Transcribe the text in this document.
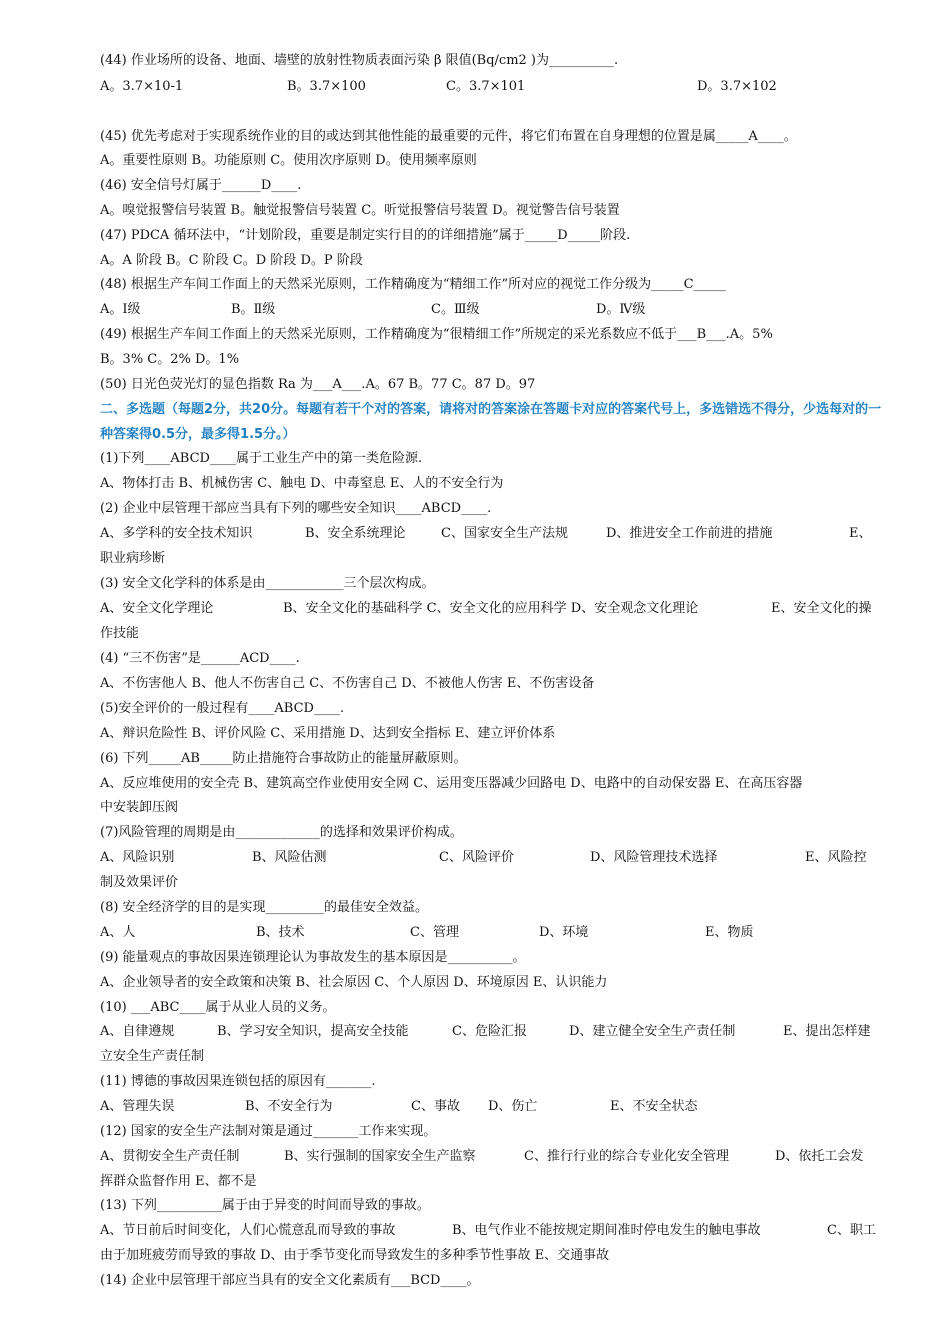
(44) 作业场所的设备、地面、墙壁的放射性物质表面污染 β 限值(Bq/cm2 )为__________.
A。3.7×10-1	B。3.7×100	C。3.7×101	D。3.7×102
(45) 优先考虑对于实现系统作业的目的或达到其他性能的最重要的元件，将它们布置在自身理想的位置是属_____A____。
A。重要性原则 B。功能原则 C。使用次序原则 D。使用频率原则
(46) 安全信号灯属于______D____.
A。嗅觉报警信号装置 B。触觉报警信号装置 C。听觉报警信号装置 D。视觉警告信号装置
(47) PDCA 循环法中，“计划阶段，重要是制定实行目的的详细措施”属于_____D_____阶段.
A。A 阶段 B。C 阶段 C。D 阶段 D。P 阶段
(48) 根据生产车间工作面上的天然采光原则，工作精确度为“精细工作”所对应的视觉工作分级为_____C_____
A。Ⅰ级	B。Ⅱ级	C。Ⅲ级	D。Ⅳ级
(49) 根据生产车间工作面上的天然采光原则，工作精确度为“很精细工作”所规定的采光系数应不低于___B___.A。5%
B。3% C。2% D。1%
(50) 日光色荧光灯的显色指数 Ra 为___A___.A。67 B。77 C。87 D。97
二、多选题（每题2分，共20分。每题有若干个对的答案，请将对的答案涂在答题卡对应的答案代号上，多选错选不得分，少选每对的一种答案得0.5分，最多得1.5分。）
(1)下列____ABCD____属于工业生产中的第一类危险源.
A、物体打击 B、机械伤害 C、触电 D、中毒窒息 E、人的不安全行为
(2) 企业中层管理干部应当具有下列的哪些安全知识____ABCD____.
A、多学科的安全技术知识	B、安全系统理论	C、国家安全生产法规	D、推进安全工作前进的措施	E、
职业病珍断
(3) 安全文化学科的体系是由____________三个层次构成。
A、安全文化学理论	B、安全文化的基础科学 C、安全文化的应用科学 D、安全观念文化理论	E、安全文化的操
作技能
(4) “三不伤害”是______ACD____.
A、不伤害他人 B、他人不伤害自己 C、不伤害自己 D、不被他人伤害 E、不伤害设备
(5)安全评价的一般过程有____ABCD____.
A、辩识危险性 B、评价风险 C、采用措施 D、达到安全指标 E、建立评价体系
(6) 下列_____AB_____防止措施符合事故防止的能量屏蔽原则。
A、反应堆使用的安全壳 B、建筑高空作业使用安全网 C、运用变压器减少回路电 D、电路中的自动保安器 E、在高压容器
中安装卸压阀
(7)风险管理的周期是由_____________的选择和效果评价构成。
A、风险识别	B、风险估测	C、风险评价	D、风险管理技术选择	E、风险控
制及效果评价
(8) 安全经济学的目的是实现_________的最佳安全效益。
A、人	B、技术	C、管理	D、环境	E、物质
(9) 能量观点的事故因果连锁理论认为事故发生的基本原因是__________。
A、企业领导者的安全政策和决策 B、社会原因 C、个人原因 D、环境原因 E、认识能力
(10) ___ABC____属于从业人员的义务。
A、自律遵规	B、学习安全知识，提高安全技能	C、危险汇报	D、建立健全安全生产责任制	E、提出怎样建
立安全生产责任制
(11) 博德的事故因果连锁包括的原因有_______.
A、管理失误	B、不安全行为	C、事故 D、伤亡	E、不安全状态
(12) 国家的安全生产法制对策是通过_______工作来实现。
A、贯彻安全生产责任制	B、实行强制的国家安全生产监察	C、推行行业的综合专业化安全管理	D、依托工会发
挥群众监督作用 E、都不是
(13) 下列__________属于由于异变的时间而导致的事故。
A、节日前后时间变化，人们心慌意乱而导致的事故	B、电气作业不能按规定期间准时停电发生的触电事故	C、职工
由于加班疲劳而导致的事故 D、由于季节变化而导致发生的多种季节性事故 E、交通事故
(14) 企业中层管理干部应当具有的安全文化素质有___BCD____。
